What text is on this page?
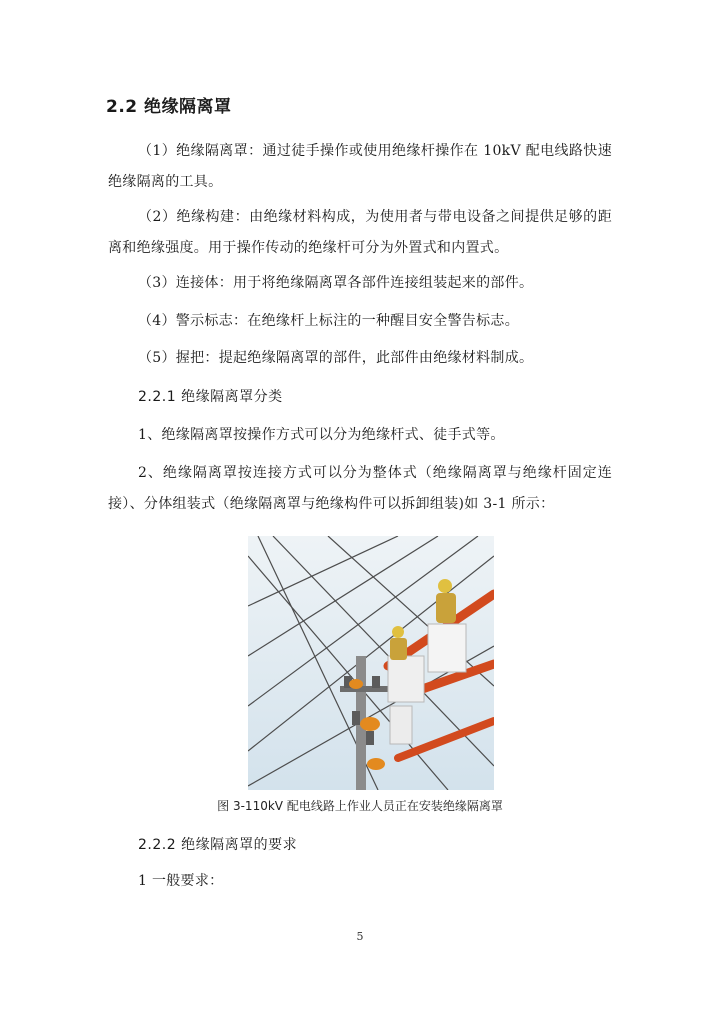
2.2 绝缘隔离罩

（1）绝缘隔离罩：通过徒手操作或使用绝缘杆操作在 10kV 配电线路快速绝缘隔离的工具。

（2）绝缘构建：由绝缘材料构成，为使用者与带电设备之间提供足够的距离和绝缘强度。用于操作传动的绝缘杆可分为外置式和内置式。

（3）连接体：用于将绝缘隔离罩各部件连接组装起来的部件。

（4）警示标志：在绝缘杆上标注的一种醒目安全警告标志。

（5）握把：提起绝缘隔离罩的部件，此部件由绝缘材料制成。

2.2.1 绝缘隔离罩分类

1、绝缘隔离罩按操作方式可以分为绝缘杆式、徒手式等。

2、绝缘隔离罩按连接方式可以分为整体式（绝缘隔离罩与绝缘杆固定连接）、分体组装式（绝缘隔离罩与绝缘构件可以拆卸组装)如 3-1 所示：

图 3-110kV 配电线路上作业人员正在安装绝缘隔离罩
2.2.2 绝缘隔离罩的要求

1 一般要求：

5
